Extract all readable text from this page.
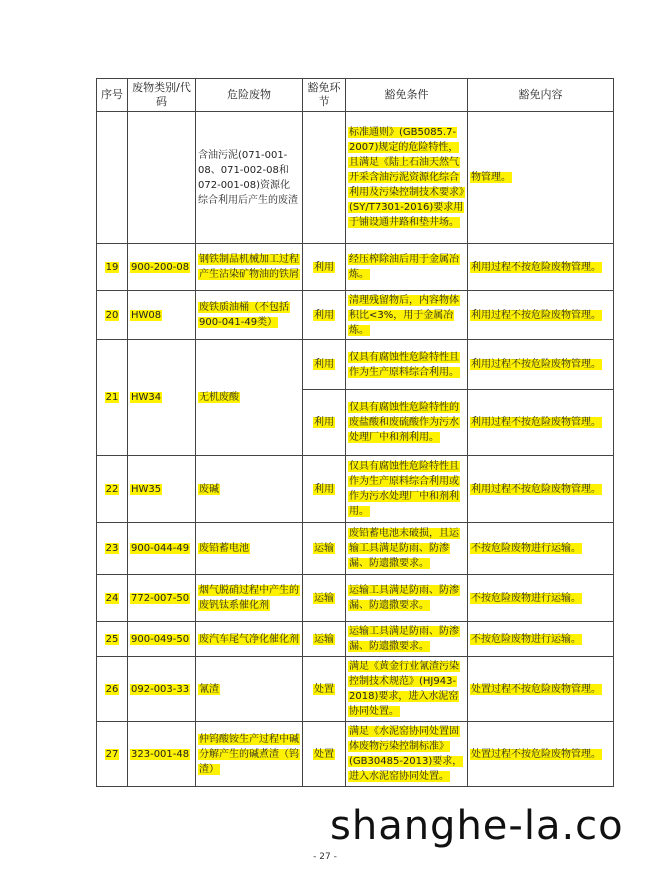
序号	废物类别/代码	危险废物	豁免环节	豁免条件	豁免内容
		含油污泥(071-001-08、071-002-08和072-001-08)资源化综合利用后产生的废渣		标准通则》(GB5085.7-2007)规定的危险特性，且满足《陆上石油天然气开采含油污泥资源化综合利用及污染控制技术要求》(SY/T7301-2016)要求用于铺设通井路和垫井场。	物管理。
19	900-200-08	钢铁制品机械加工过程产生沾染矿物油的铁屑	利用	经压榨除油后用于金属冶炼。	利用过程不按危险废物管理。
20	HW08	废铁质油桶（不包括900-041-49类）	利用	清理残留物后，内容物体积比<3%，用于金属冶炼。	利用过程不按危险废物管理。
21	HW34	无机废酸	利用	仅具有腐蚀性危险特性且作为生产原料综合利用。	利用过程不按危险废物管理。
			利用	仅具有腐蚀性危险特性的废盐酸和废硫酸作为污水处理厂中和剂利用。	利用过程不按危险废物管理。
22	HW35	废碱	利用	仅具有腐蚀性危险特性且作为生产原料综合利用或作为污水处理厂中和剂利用。	利用过程不按危险废物管理。
23	900-044-49	废铅蓄电池	运输	废铅蓄电池未破损，且运输工具满足防雨、防渗漏、防遗撒要求。	不按危险废物进行运输。
24	772-007-50	烟气脱硝过程中产生的废钒钛系催化剂	运输	运输工具满足防雨、防渗漏、防遗撒要求。	不按危险废物进行运输。
25	900-049-50	废汽车尾气净化催化剂	运输	运输工具满足防雨、防渗漏、防遗撒要求。	不按危险废物进行运输。
26	092-003-33	氰渣	处置	满足《黄金行业氰渣污染控制技术规范》(HJ943-2018)要求，进入水泥窑协同处置。	处置过程不按危险废物管理。
27	323-001-48	仲钨酸铵生产过程中碱分解产生的碱煮渣（钨渣）	处置	满足《水泥窑协同处置固体废物污染控制标准》(GB30485-2013)要求，进入水泥窑协同处置。	处置过程不按危险废物管理。
shanghe-la.co
- 27 -
